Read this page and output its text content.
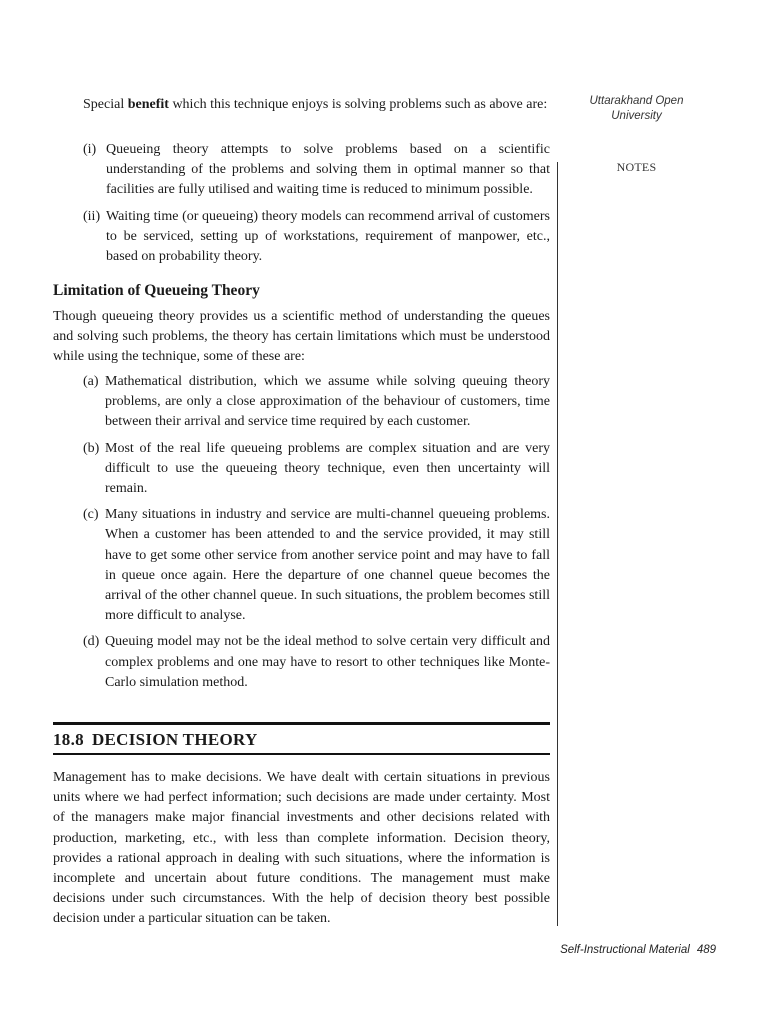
Uttarakhand Open University
NOTES

Special benefit which this technique enjoys is solving problems such as above are:

(i) Queueing theory attempts to solve problems based on a scientific understanding of the problems and solving them in optimal manner so that facilities are fully utilised and waiting time is reduced to minimum possible.
(ii) Waiting time (or queueing) theory models can recommend arrival of customers to be serviced, setting up of workstations, requirement of manpower, etc., based on probability theory.
Limitation of Queueing Theory

Though queueing theory provides us a scientific method of understanding the queues and solving such problems, the theory has certain limitations which must be understood while using the technique, some of these are:

(a) Mathematical distribution, which we assume while solving queuing theory problems, are only a close approximation of the behaviour of customers, time between their arrival and service time required by each customer.
(b) Most of the real life queueing problems are complex situation and are very difficult to use the queueing theory technique, even then uncertainty will remain.
(c) Many situations in industry and service are multi-channel queueing problems. When a customer has been attended to and the service provided, it may still have to get some other service from another service point and may have to fall in queue once again. Here the departure of one channel queue becomes the arrival of the other channel queue. In such situations, the problem becomes still more difficult to analyse.
(d) Queuing model may not be the ideal method to solve certain very difficult and complex problems and one may have to resort to other techniques like Monte-Carlo simulation method.
18.8 DECISION THEORY

Management has to make decisions. We have dealt with certain situations in previous units where we had perfect information; such decisions are made under certainty. Most of the managers make major financial investments and other decisions related with production, marketing, etc., with less than complete information. Decision theory, provides a rational approach in dealing with such situations, where the information is incomplete and uncertain about future conditions. The management must make decisions under such circumstances. With the help of decision theory best possible decision under a particular situation can be taken.

Self-Instructional Material 489
